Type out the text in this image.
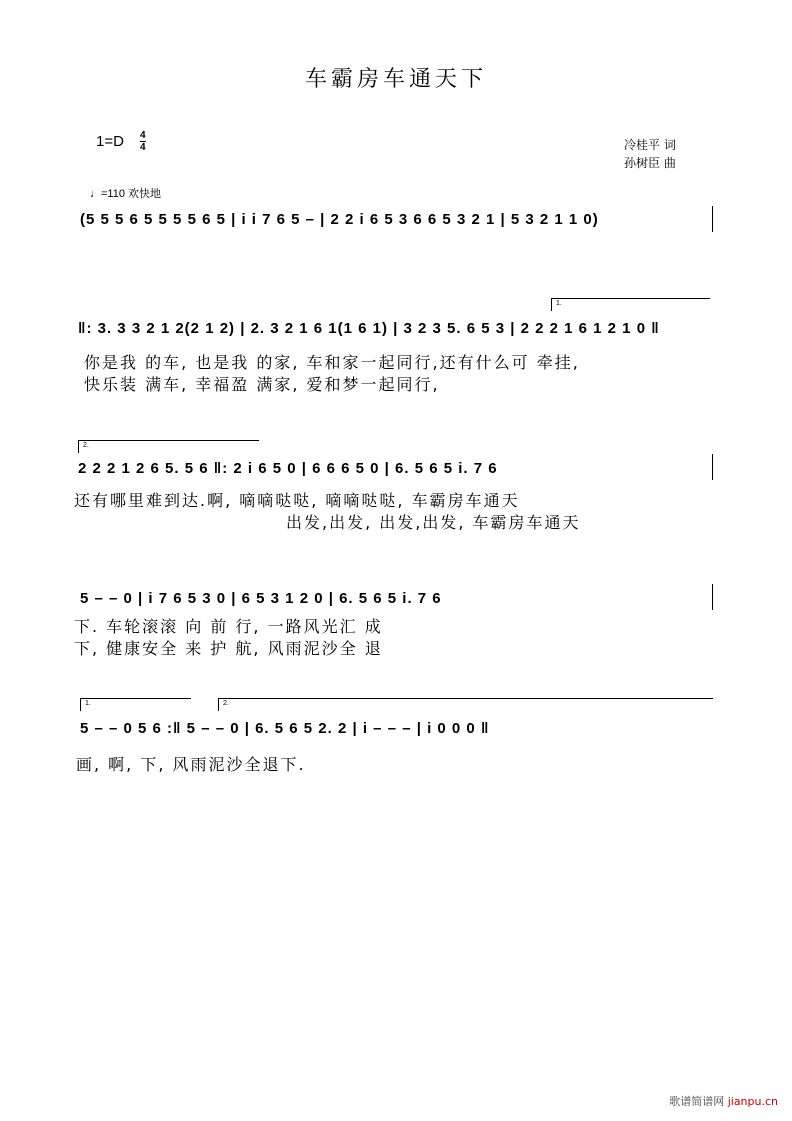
车霸房车通天下
1=D 4
4	冷桂平 词
孙树臣 曲
♩=110 欢快地
(5 5 5 6 5 5 5 5 6 5 | i i 7 6 5 – | 2 2 i 6 5 3 6 6 5 3 2 1 | 5 3 2 1 1 0)
1.
‖: 3. 3 3 2 1 2(2 1 2) | 2. 3 2 1 6 1(1 6 1) | 3 2 3 5. 6 5 3 | 2 2 2 1 6 1 2 1 0 ‖
你是我 的车, 也是我 的家, 车和家一起同行,还有什么可 牵挂,
快乐装 满车, 幸福盈 满家, 爱和梦一起同行,
2.
2 2 2 1 2 6 5. 5 6 ‖: 2 i 6 5 0 | 6 6 6 5 0 | 6. 5 6 5 i. 7 6
还有哪里难到达.啊, 嘀嘀哒哒, 嘀嘀哒哒, 车霸房车通天
出发,出发, 出发,出发, 车霸房车通天
5 – – 0 | i 7 6 5 3 0 | 6 5 3 1 2 0 | 6. 5 6 5 i. 7 6
下. 车轮滚滚 向 前 行, 一路风光汇 成
下, 健康安全 来 护 航, 风雨泥沙全 退
1.	2.
5 – – 0 5 6 :‖ 5 – – 0 | 6. 5 6 5 2. 2 | i – – – | i 0 0 0 ‖
画, 啊, 下, 风雨泥沙全退下.
歌谱简谱网 jianpu.cn
